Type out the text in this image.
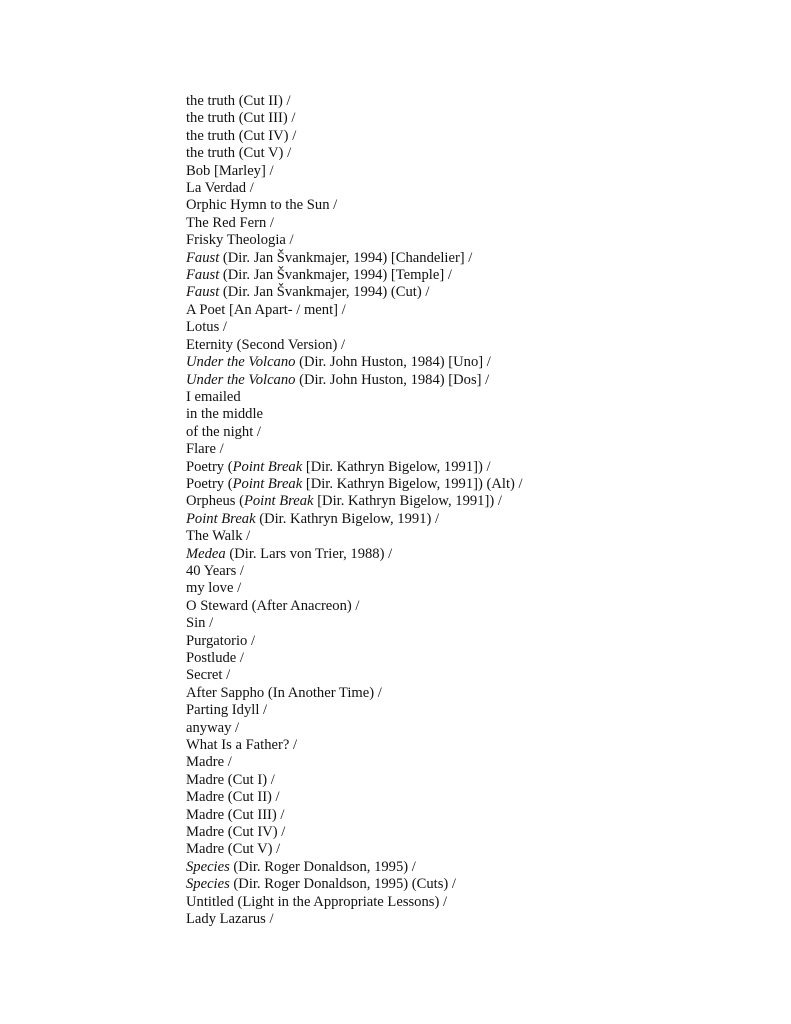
the truth (Cut II) /
the truth (Cut III) /
the truth (Cut IV) /
the truth (Cut V) /
Bob [Marley] /
La Verdad /
Orphic Hymn to the Sun /
The Red Fern /
Frisky Theologia /
Faust (Dir. Jan Švankmajer, 1994) [Chandelier] /
Faust (Dir. Jan Švankmajer, 1994) [Temple] /
Faust (Dir. Jan Švankmajer, 1994) (Cut) /
A Poet [An Apart- / ment] /
Lotus /
Eternity (Second Version) /
Under the Volcano (Dir. John Huston, 1984) [Uno] /
Under the Volcano (Dir. John Huston, 1984) [Dos] /
I emailed
in the middle
of the night /
Flare /
Poetry (Point Break [Dir. Kathryn Bigelow, 1991]) /
Poetry (Point Break [Dir. Kathryn Bigelow, 1991]) (Alt) /
Orpheus (Point Break [Dir. Kathryn Bigelow, 1991]) /
Point Break (Dir. Kathryn Bigelow, 1991) /
The Walk /
Medea (Dir. Lars von Trier, 1988) /
40 Years /
my love /
O Steward (After Anacreon) /
Sin /
Purgatorio /
Postlude /
Secret /
After Sappho (In Another Time) /
Parting Idyll /
anyway /
What Is a Father? /
Madre /
Madre (Cut I) /
Madre (Cut II) /
Madre (Cut III) /
Madre (Cut IV) /
Madre (Cut V) /
Species (Dir. Roger Donaldson, 1995) /
Species (Dir. Roger Donaldson, 1995) (Cuts) /
Untitled (Light in the Appropriate Lessons) /
Lady Lazarus /
